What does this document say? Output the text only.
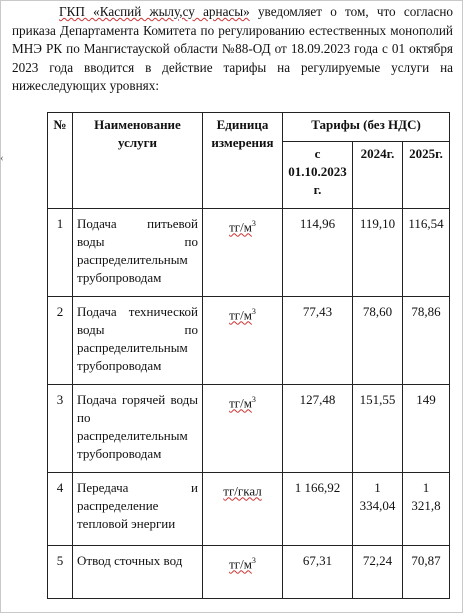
‹

ГКП «Каспий жылу,су арнасы» уведомляет о том, что согласно приказа Департамента Комитета по регулированию естественных монополий МНЭ РК по Мангистауской области №88-ОД от 18.09.2023 года с 01 октября 2023 года вводится в действие тарифы на регулируемые услуги на нижеследующих уровнях:

№	Наименование услуги	Единица измерения	Тарифы (без НДС)		
			с 01.10.2023 г.	2024г.	2025г.
1	Подача питьевой воды по распределительным трубопроводам	$тг/м^3$	114,96	119,10	116,54
2	Подача технической воды по распределительным трубопроводам	$тг/м^3$	77,43	78,60	78,86
3	Подача горячей воды по распределительным трубопроводам	$тг/м^3$	127,48	151,55	149
4	Передача и распределение тепловой энергии	тг/гкал	1 166,92	1 334,04	1 321,8
5	Отвод сточных вод	$тг/м^3$	67,31	72,24	70,87
